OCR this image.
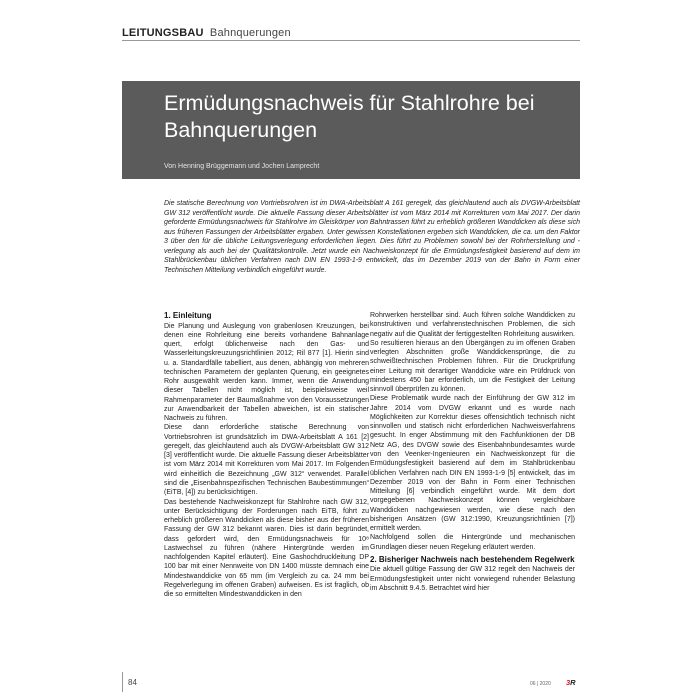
LEITUNGSBAU Bahnquerungen
Ermüdungsnachweis für Stahlrohre bei Bahnquerungen
Von Henning Brüggemann und Jochen Lamprecht

Die statische Berechnung von Vortriebsrohren ist im DWA-Arbeitsblatt A 161 geregelt, das gleichlautend auch als DVGW-Arbeitsblatt GW 312 veröffentlicht wurde. Die aktuelle Fassung dieser Arbeitsblätter ist vom März 2014 mit Korrekturen vom Mai 2017. Der darin geforderte Ermüdungsnachweis für Stahlrohre im Gleiskörper von Bahntrassen führt zu erheblich größeren Wanddicken als diese sich aus früheren Fassungen der Arbeitsblätter ergaben. Unter gewissen Konstellationen ergeben sich Wanddicken, die ca. um den Faktor 3 über den für die übliche Leitungsverlegung erforderlichen liegen. Dies führt zu Problemen sowohl bei der Rohrherstellung und -verlegung als auch bei der Qualitätskontrolle. Jetzt wurde ein Nachweiskonzept für die Ermüdungsfestigkeit basierend auf dem im Stahlbrückenbau üblichen Verfahren nach DIN EN 1993-1-9 entwickelt, das im Dezember 2019 von der Bahn in Form einer Technischen Mitteilung verbindlich eingeführt wurde.

1. Einleitung

Die Planung und Auslegung von grabenlosen Kreuzungen, bei denen eine Rohrleitung eine bereits vorhandene Bahnanlage quert, erfolgt üblicherweise nach den Gas- und Wasserleitungskreuzungsrichtlinien 2012; Ril 877 [1]. Hierin sind u. a. Standardfälle tabelliert, aus denen, abhängig von mehreren technischen Parametern der geplanten Querung, ein geeignetes Rohr ausgewählt werden kann. Immer, wenn die Anwendung dieser Tabellen nicht möglich ist, beispielsweise weil Rahmenparameter der Baumaßnahme von den Voraussetzungen zur Anwendbarkeit der Tabellen abweichen, ist ein statischer Nachweis zu führen.

Diese dann erforderliche statische Berechnung von Vortriebsrohren ist grundsätzlich im DWA-Arbeitsblatt A 161 [2] geregelt, das gleichlautend auch als DVGW-Arbeitsblatt GW 312 [3] veröffentlicht wurde. Die aktuelle Fassung dieser Arbeitsblätter ist vom März 2014 mit Korrekturen vom Mai 2017. Im Folgenden wird einheitlich die Bezeichnung „GW 312“ verwendet. Parallel sind die „Eisenbahnspezifischen Technischen Baubestimmungen“ (EiTB, [4]) zu berücksichtigen.

Das bestehende Nachweiskonzept für Stahlrohre nach GW 312, unter Berücksichtigung der Forderungen nach EiTB, führt zu erheblich größeren Wanddicken als diese bisher aus der früheren Fassung der GW 312 bekannt waren. Dies ist darin begründet, dass gefordert wird, den Ermüdungsnachweis für 10⁸ Lastwechsel zu führen (nähere Hintergründe werden im nachfolgenden Kapitel erläutert). Eine Gashochdruckleitung DP 100 bar mit einer Nennweite von DN 1400 müsste demnach eine Mindestwanddicke von 65 mm (im Vergleich zu ca. 24 mm bei Regelverlegung im offenen Graben) aufweisen. Es ist fraglich, ob die so ermittelten Mindestwanddicken in den

Rohrwerken herstellbar sind. Auch führen solche Wanddicken zu konstruktiven und verfahrenstechnischen Problemen, die sich negativ auf die Qualität der fertiggestellten Rohrleitung auswirken. So resultieren hieraus an den Übergängen zu im offenen Graben verlegten Abschnitten große Wanddickensprünge, die zu schweißtechnischen Problemen führen. Für die Druckprüfung einer Leitung mit derartiger Wanddicke wäre ein Prüfdruck von mindestens 450 bar erforderlich, um die Festigkeit der Leitung sinnvoll überprüfen zu können.

Diese Problematik wurde nach der Einführung der GW 312 im Jahre 2014 vom DVGW erkannt und es wurde nach Möglichkeiten zur Korrektur dieses offensichtlich technisch nicht sinnvollen und statisch nicht erforderlichen Nachweisverfahrens gesucht. In enger Abstimmung mit den Fachfunktionen der DB Netz AG, des DVGW sowie des Eisenbahnbundesamtes wurde von den Veenker-Ingenieuren ein Nachweiskonzept für die Ermüdungsfestigkeit basierend auf dem im Stahlbrückenbau üblichen Verfahren nach DIN EN 1993-1-9 [5] entwickelt, das im Dezember 2019 von der Bahn in Form einer Technischen Mitteilung [6] verbindlich eingeführt wurde. Mit dem dort vorgegebenen Nachweiskonzept können vergleichbare Wanddicken nachgewiesen werden, wie diese nach den bisherigen Ansätzen (GW 312:1990, Kreuzungsrichtlinien [7]) ermittelt werden.

Nachfolgend sollen die Hintergründe und mechanischen Grundlagen dieser neuen Regelung erläutert werden.

2. Bisheriger Nachweis nach bestehendem Regelwerk

Die aktuell gültige Fassung der GW 312 regelt den Nachweis der Ermüdungsfestigkeit unter nicht vorwiegend ruhender Belastung im Abschnitt 9.4.5. Betrachtet wird hier

84	06 | 2020 3R
